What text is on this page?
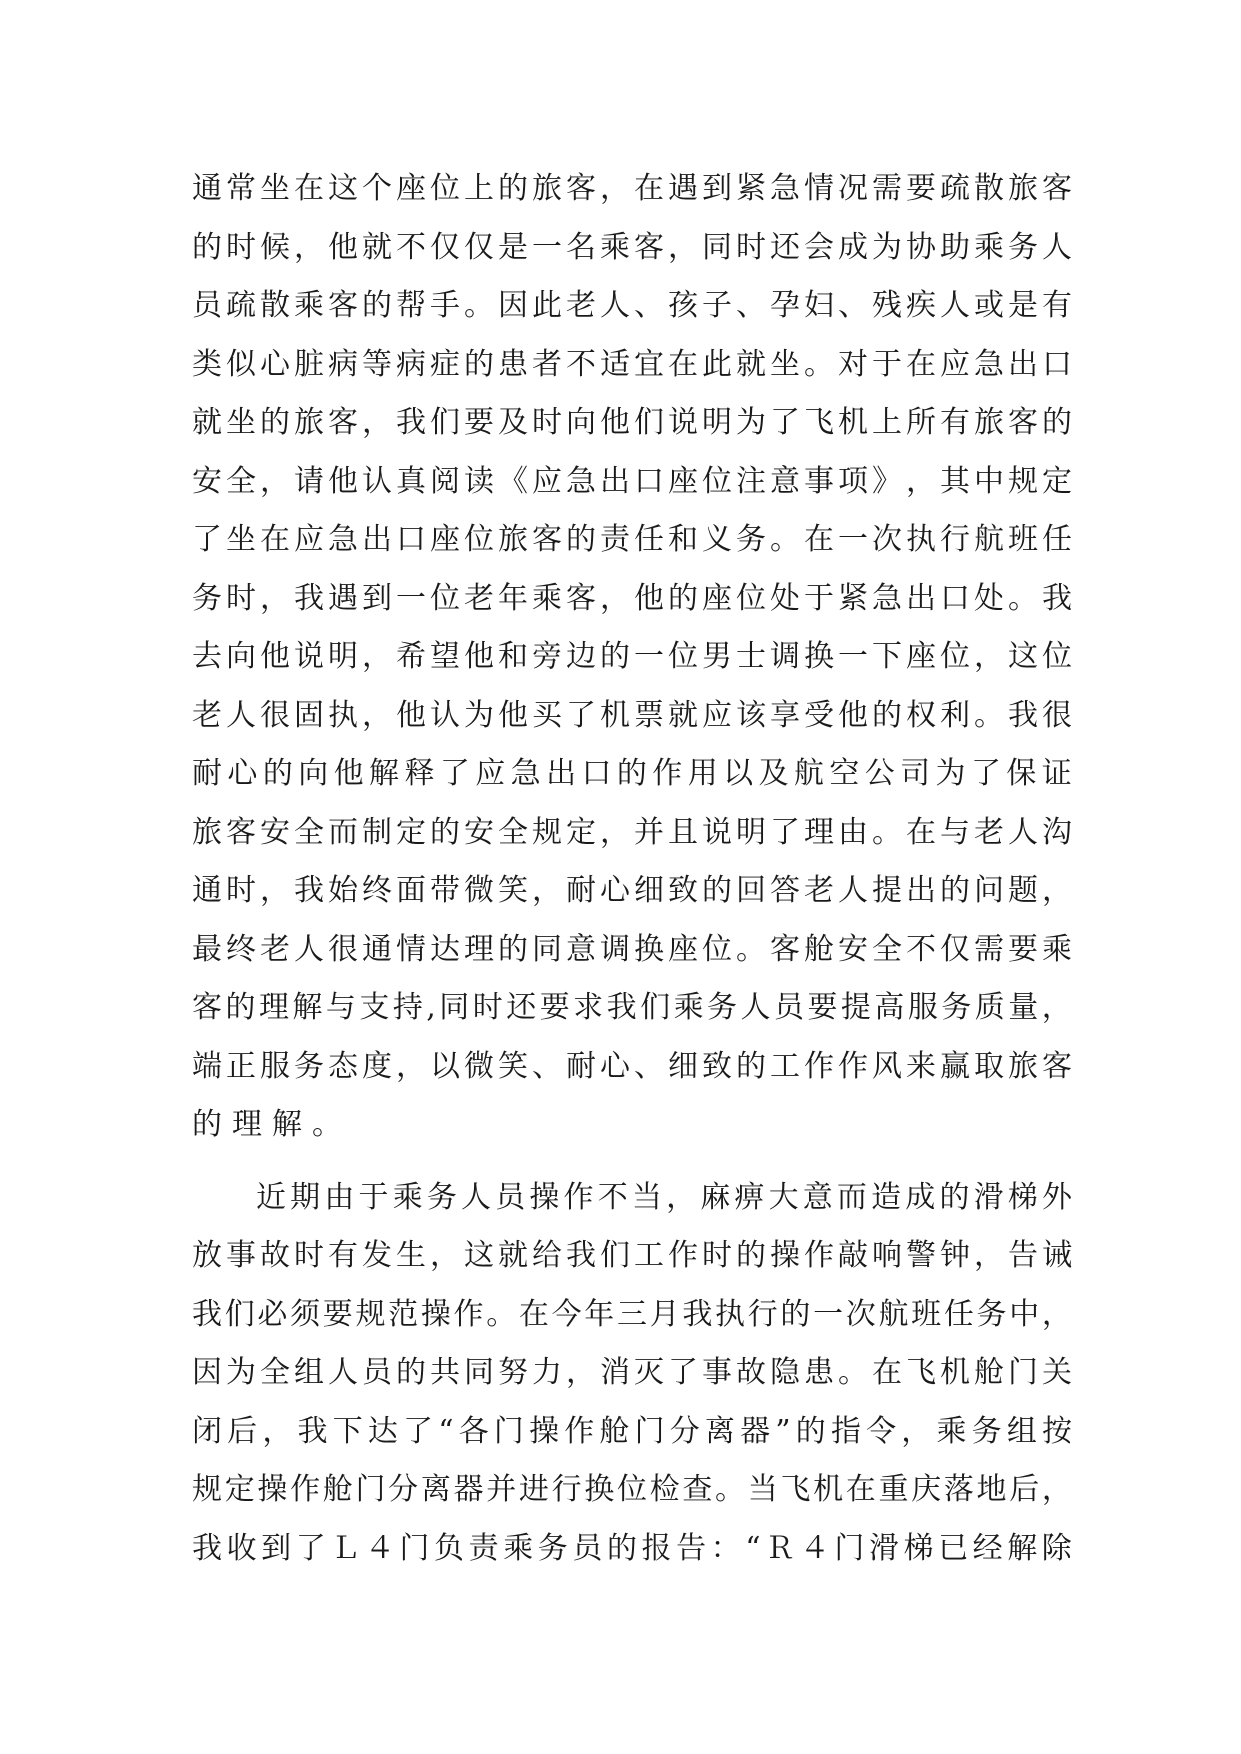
通 常 坐 在 这 个 座 位 上 的 旅 客 ， 在 遇 到 紧 急 情 况 需 要 疏 散 旅 客
的 时 候 ， 他 就 不 仅 仅 是 一 名 乘 客 ， 同 时 还 会 成 为 协 助 乘 务 人
员 疏 散 乘 客 的 帮 手 。 因 此 老 人 、 孩 子 、 孕 妇 、 残 疾 人 或 是 有
类 似 心 脏 病 等 病 症 的 患 者 不 适 宜 在 此 就 坐 。 对 于 在 应 急 出 口
就 坐 的 旅 客 ， 我 们 要 及 时 向 他 们 说 明 为 了 飞 机 上 所 有 旅 客 的
安 全 ， 请 他 认 真 阅 读 《 应 急 出 口 座 位 注 意 事 项 》 ， 其 中 规 定
了 坐 在 应 急 出 口 座 位 旅 客 的 责 任 和 义 务 。 在 一 次 执 行 航 班 任
务 时 ， 我 遇 到 一 位 老 年 乘 客 ， 他 的 座 位 处 于 紧 急 出 口 处 。 我
去 向 他 说 明 ， 希 望 他 和 旁 边 的 一 位 男 士 调 换 一 下 座 位 ， 这 位
老 人 很 固 执 ， 他 认 为 他 买 了 机 票 就 应 该 享 受 他 的 权 利 。 我 很
耐 心 的 向 他 解 释 了 应 急 出 口 的 作 用 以 及 航 空 公 司 为 了 保 证
旅 客 安 全 而 制 定 的 安 全 规 定 ， 并 且 说 明 了 理 由 。 在 与 老 人 沟
通 时 ， 我 始 终 面 带 微 笑 ， 耐 心 细 致 的 回 答 老 人 提 出 的 问 题 ，
最 终 老 人 很 通 情 达 理 的 同 意 调 换 座 位 。 客 舱 安 全 不 仅 需 要 乘
客 的 理 解 与 支 持 , 同 时 还 要 求 我 们 乘 务 人 员 要 提 高 服 务 质 量 ，
端 正 服 务 态 度 ， 以 微 笑 、 耐 心 、 细 致 的 工 作 作 风 来 赢 取 旅 客
的理解。
近 期 由 于 乘 务 人 员 操 作 不 当 ， 麻 痹 大 意 而 造 成 的 滑 梯 外
放 事 故 时 有 发 生 ， 这 就 给 我 们 工 作 时 的 操 作 敲 响 警 钟 ， 告 诫
我 们 必 须 要 规 范 操 作 。 在 今 年 三 月 我 执 行 的 一 次 航 班 任 务 中 ，
因 为 全 组 人 员 的 共 同 努 力 ， 消 灭 了 事 故 隐 患 。 在 飞 机 舱 门 关
闭 后 ， 我 下 达 了 “ 各 门 操 作 舱 门 分 离 器 ” 的 指 令 ， 乘 务 组 按
规 定 操 作 舱 门 分 离 器 并 进 行 换 位 检 查 。 当 飞 机 在 重 庆 落 地 后 ，
我 收 到 了 Ｌ ４ 门 负 责 乘 务 员 的 报 告 ： “ Ｒ ４ 门 滑 梯 已 经 解 除
